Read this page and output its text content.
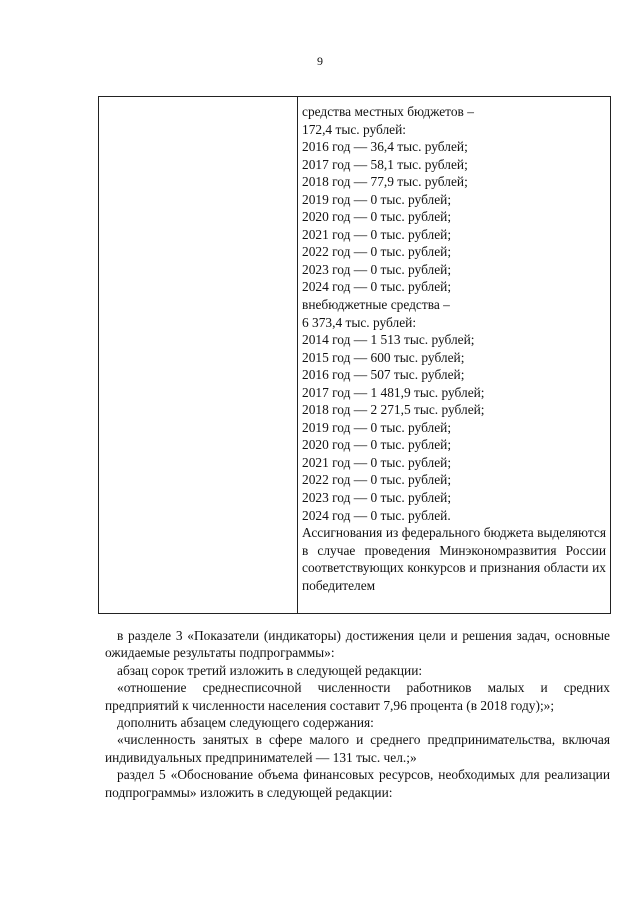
9
средства местных бюджетов –
172,4 тыс. рублей:
2016 год — 36,4 тыс. рублей;
2017 год — 58,1 тыс. рублей;
2018 год — 77,9 тыс. рублей;
2019 год — 0 тыс. рублей;
2020 год — 0 тыс. рублей;
2021 год — 0 тыс. рублей;
2022 год — 0 тыс. рублей;
2023 год — 0 тыс. рублей;
2024 год — 0 тыс. рублей;
внебюджетные средства –
6 373,4 тыс. рублей:
2014 год — 1 513 тыс. рублей;
2015 год — 600 тыс. рублей;
2016 год — 507 тыс. рублей;
2017 год — 1 481,9 тыс. рублей;
2018 год — 2 271,5 тыс. рублей;
2019 год — 0 тыс. рублей;
2020 год — 0 тыс. рублей;
2021 год — 0 тыс. рублей;
2022 год — 0 тыс. рублей;
2023 год — 0 тыс. рублей;
2024 год — 0 тыс. рублей.
Ассигнования из федерального бюджета выделяются в случае проведения Минэкономразвития России соответствующих конкурсов и признания области их победителем
в разделе 3 «Показатели (индикаторы) достижения цели и решения задач, основные ожидаемые результаты подпрограммы»:
абзац сорок третий изложить в следующей редакции:
«отношение среднесписочной численности работников малых и средних предприятий к численности населения составит 7,96 процента (в 2018 году);»;
дополнить абзацем следующего содержания:
«численность занятых в сфере малого и среднего предпринимательства, включая индивидуальных предпринимателей — 131 тыс. чел.;»
раздел 5 «Обоснование объема финансовых ресурсов, необходимых для реализации подпрограммы» изложить в следующей редакции:
